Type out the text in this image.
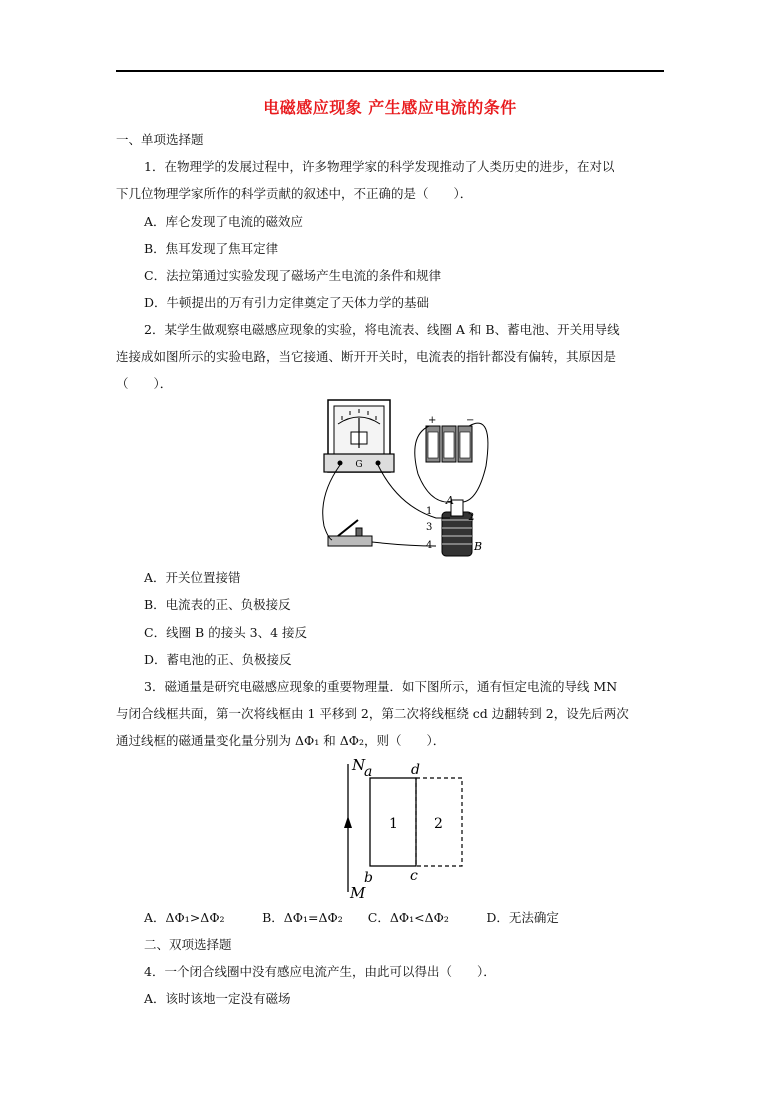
电磁感应现象 产生感应电流的条件
一、单项选择题
1．在物理学的发展过程中，许多物理学家的科学发现推动了人类历史的进步，在对以
下几位物理学家所作的科学贡献的叙述中，不正确的是（　　）．
A．库仑发现了电流的磁效应
B．焦耳发现了焦耳定律
C．法拉第通过实验发现了磁场产生电流的条件和规律
D．牛顿提出的万有引力定律奠定了天体力学的基础
2．某学生做观察电磁感应现象的实验，将电流表、线圈 A 和 B、蓄电池、开关用导线
连接成如图所示的实验电路，当它接通、断开开关时，电流表的指针都没有偏转，其原因是
（　　）．
G
+	−
A
B
1
2
3
4
A．开关位置接错
B．电流表的正、负极接反
C．线圈 B 的接头 3、4 接反
D．蓄电池的正、负极接反
3．磁通量是研究电磁感应现象的重要物理量．如下图所示，通有恒定电流的导线 MN
与闭合线框共面，第一次将线框由 1 平移到 2，第二次将线框绕 cd 边翻转到 2，设先后两次
通过线框的磁通量变化量分别为 ΔΦ₁ 和 ΔΦ₂，则（　　）．
N
M
a
b	c
d
1	2
A．ΔΦ₁>ΔΦ₂　　　B．ΔΦ₁=ΔΦ₂　　C．ΔΦ₁<ΔΦ₂　　　D．无法确定
二、双项选择题
4．一个闭合线圈中没有感应电流产生，由此可以得出（　　）．
A．该时该地一定没有磁场
